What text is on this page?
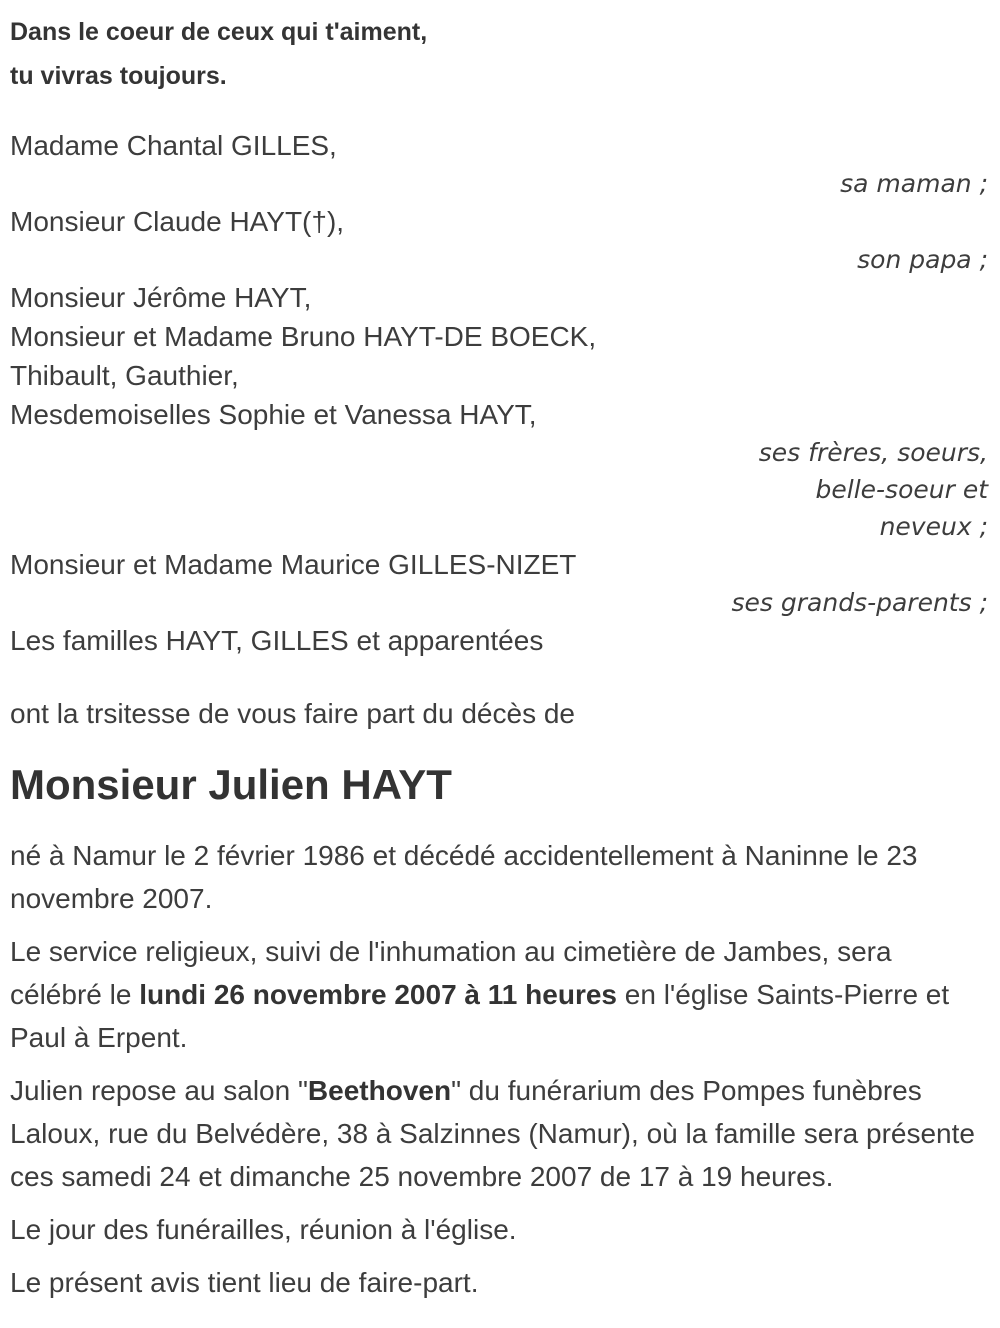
Dans le coeur de ceux qui t'aiment,
tu vivras toujours.
Madame Chantal GILLES,
sa maman ;
Monsieur Claude HAYT(†),
son papa ;
Monsieur Jérôme HAYT,
Monsieur et Madame Bruno HAYT-DE BOECK,
Thibault, Gauthier,
Mesdemoiselles Sophie et Vanessa HAYT,
ses frères, soeurs,
belle-soeur et
neveux ;
Monsieur et Madame Maurice GILLES-NIZET
ses grands-parents ;
Les familles HAYT, GILLES et apparentées
ont la trsitesse de vous faire part du décès de
Monsieur Julien HAYT

né à Namur le 2 février 1986 et décédé accidentellement à Naninne le 23 novembre 2007.

Le service religieux, suivi de l'inhumation au cimetière de Jambes, sera célébré le lundi 26 novembre 2007 à 11 heures en l'église Saints-Pierre et Paul à Erpent.

Julien repose au salon "Beethoven" du funérarium des Pompes funèbres Laloux, rue du Belvédère, 38 à Salzinnes (Namur), où la famille sera présente ces samedi 24 et dimanche 25 novembre 2007 de 17 à 19 heures.

Le jour des funérailles, réunion à l'église.

Le présent avis tient lieu de faire-part.
